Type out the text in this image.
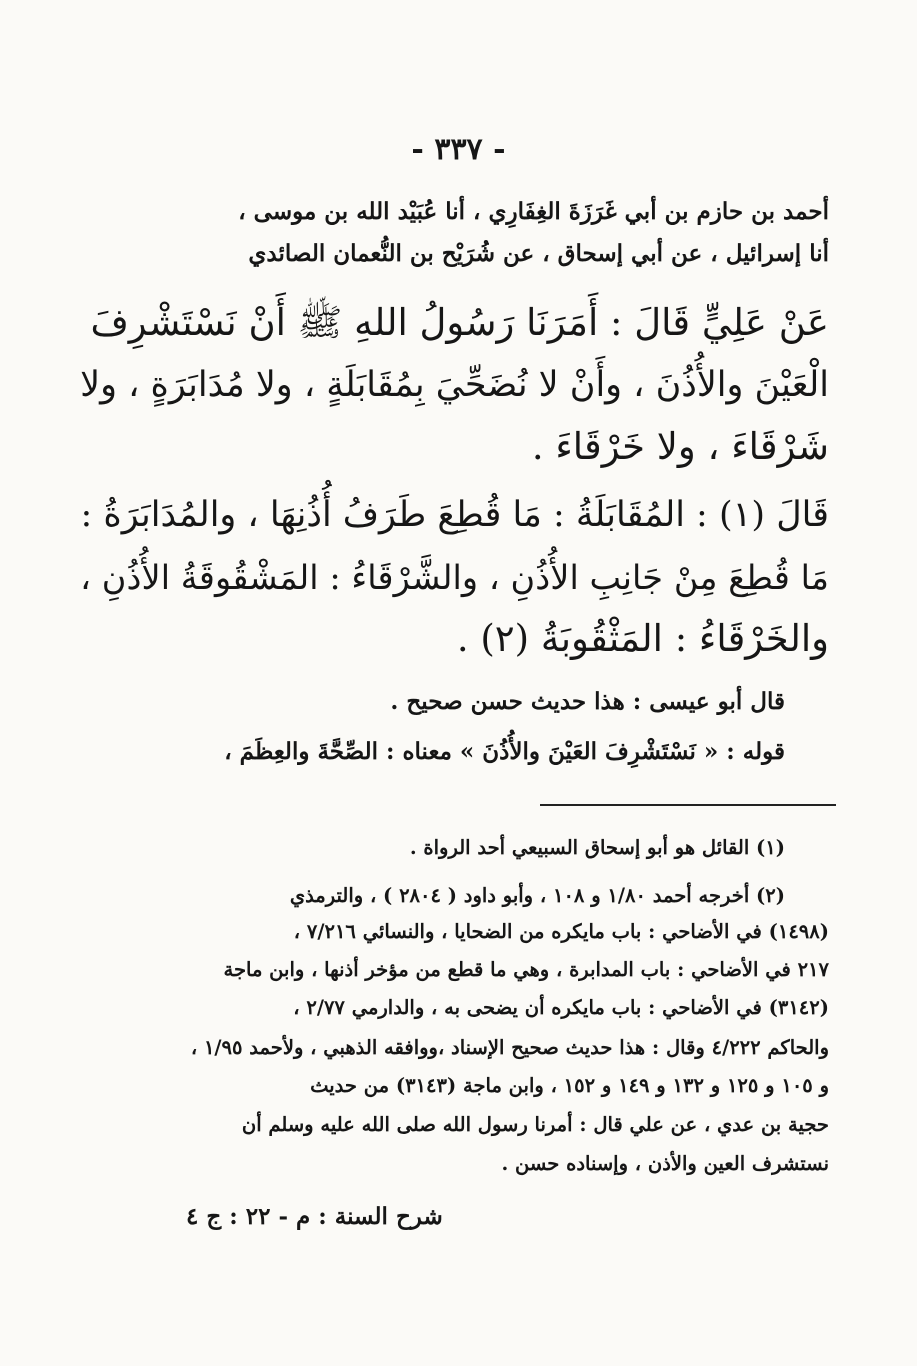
- ٣٣٧ -

أحمد بن حازم بن أبي غَرَزَةَ الغِفَارِي ، أنا عُبَيْد الله بن موسى ،

أنا إسرائيل ، عن أبي إسحاق ، عن شُرَيْح بن النُّعمان الصائدي

عَنْ عَلِيٍّ قَالَ : أَمَرَنَا رَسُولُ اللهِ ﷺ أَنْ نَسْتَشْرِفَ

الْعَيْنَ والأُذُنَ ، وأَنْ لا نُضَحِّيَ بِمُقَابَلَةٍ ، ولا مُدَابَرَةٍ ، ولا

شَرْقَاءَ ، ولا خَرْقَاءَ .

قَالَ (١) : المُقَابَلَةُ : مَا قُطِعَ طَرَفُ أُذُنِهَا ، والمُدَابَرَةُ :

مَا قُطِعَ مِنْ جَانِبِ الأُذُنِ ، والشَّرْقَاءُ : المَشْقُوقَةُ الأُذُنِ ،

والخَرْقَاءُ : المَثْقُوبَةُ (٢) .

قال أبو عيسى : هذا حديث حسن صحيح .

قوله : « نَسْتَشْرِفَ العَيْنَ والأُذُنَ » معناه : الصِّحَّةَ والعِظَمَ ،

(١) القائل هو أبو إسحاق السبيعي أحد الرواة .

(٢) أخرجه أحمد ١/٨٠ و ١٠٨ ، وأبو داود ( ٢٨٠٤ ) ، والترمذي

(١٤٩٨) في الأضاحي : باب مايكره من الضحايا ، والنسائي ٧/٢١٦ ،

٢١٧ في الأضاحي : باب المدابرة ، وهي ما قطع من مؤخر أذنها ، وابن ماجة

(٣١٤٢) في الأضاحي : باب مايكره أن يضحى به ، والدارمي ٢/٧٧ ،

والحاكم ٤/٢٢٢ وقال : هذا حديث صحيح الإسناد ،ووافقه الذهبي ، ولأحمد ١/٩٥ ،

و ١٠٥ و ١٢٥ و ١٣٢ و ١٤٩ و ١٥٢ ، وابن ماجة (٣١٤٣) من حديث

حجية بن عدي ، عن علي قال : أمرنا رسول الله صلى الله عليه وسلم أن

نستشرف العين والأذن ، وإسناده حسن .

شرح السنة : م - ٢٢ : ج ٤
